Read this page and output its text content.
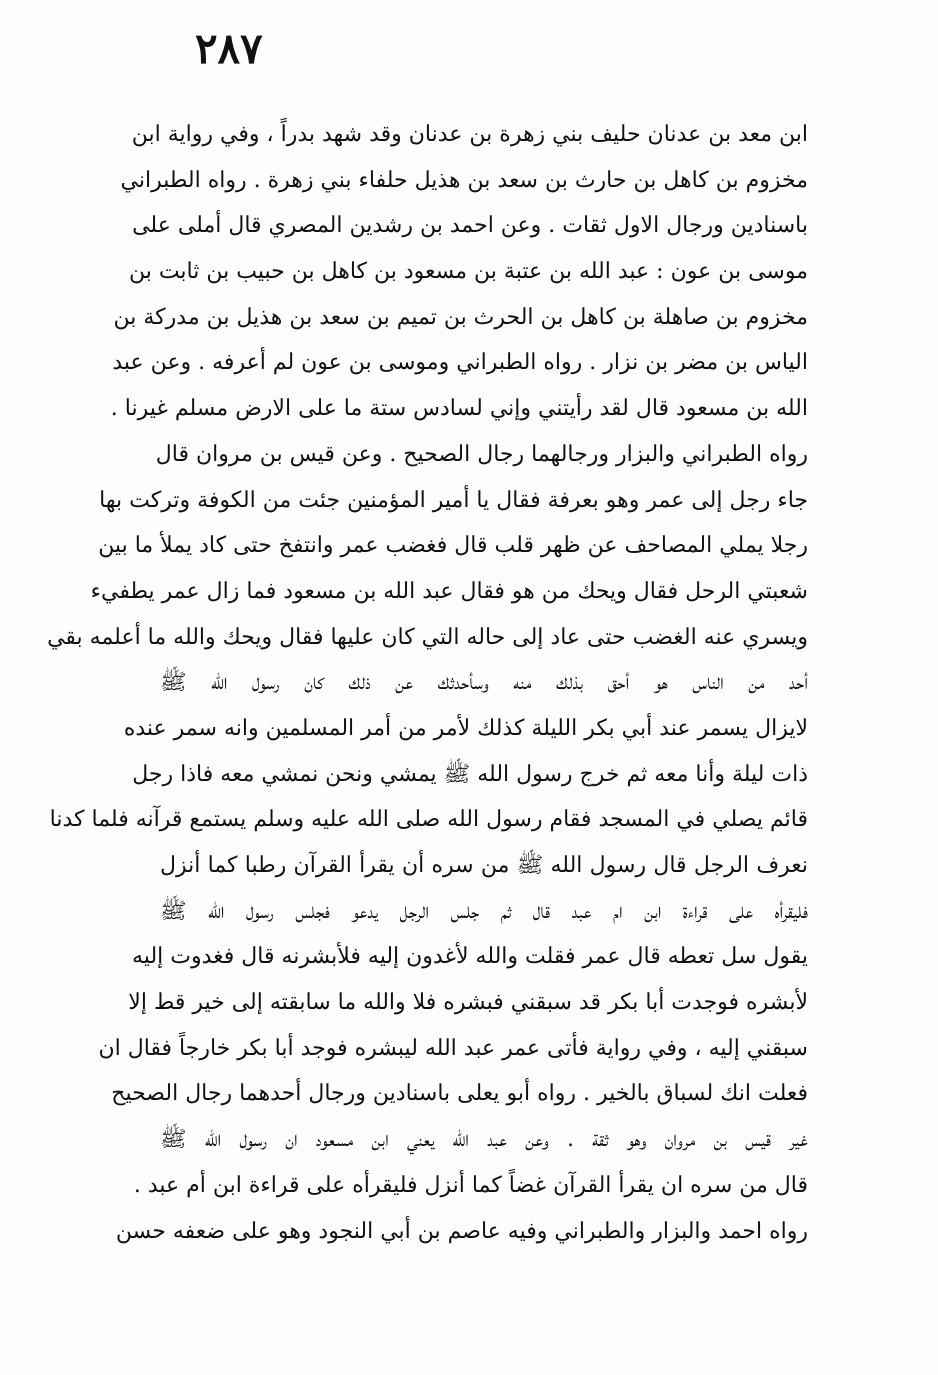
٢٨٧
ابن معد بن عدنان حليف بني زهرة بن عدنان وقد شهد بدراً ، وفي رواية ابن
مخزوم بن كاهل بن حارث بن سعد بن هذيل حلفاء بني زهرة . رواه الطبراني
باسنادين ورجال الاول ثقات . وعن احمد بن رشدين المصري قال أملى على
موسى بن عون : عبد الله بن عتبة بن مسعود بن كاهل بن حبيب بن ثابت بن
مخزوم بن صاهلة بن كاهل بن الحرث بن تميم بن سعد بن هذيل بن مدركة بن
الياس بن مضر بن نزار . رواه الطبراني وموسى بن عون لم أعرفه . وعن عبد
الله بن مسعود قال لقد رأيتني وإني لسادس ستة ما على الارض مسلم غيرنا .
رواه الطبراني والبزار ورجالهما رجال الصحيح . وعن قيس بن مروان قال
جاء رجل إلى عمر وهو بعرفة فقال يا أمير المؤمنين جئت من الكوفة وتركت بها
رجلا يملي المصاحف عن ظهر قلب قال فغضب عمر وانتفخ حتى كاد يملأ ما بين
شعبتي الرحل فقال ويحك من هو فقال عبد الله بن مسعود فما زال عمر يطفيء
ويسري عنه الغضب حتى عاد إلى حاله التي كان عليها فقال ويحك والله ما أعلمه بقي
أحد من الناس هو أحق بذلك منه وسأحدثك عن ذلك كان رسول الله ﷺ
لايزال يسمر عند أبي بكر الليلة كذلك لأمر من أمر المسلمين وانه سمر عنده
ذات ليلة وأنا معه ثم خرج رسول الله ﷺ يمشي ونحن نمشي معه فاذا رجل
قائم يصلي في المسجد فقام رسول الله صلى الله عليه وسلم يستمع قرآنه فلما كدنا
نعرف الرجل قال رسول الله ﷺ من سره أن يقرأ القرآن رطبا كما أنزل
فليقرأه على قراءة ابن ام عبد قال ثم جلس الرجل يدعو فجلس رسول الله ﷺ
يقول سل تعطه قال عمر فقلت والله لأغدون إليه فلأبشرنه قال فغدوت إليه
لأبشره فوجدت أبا بكر قد سبقني فبشره فلا والله ما سابقته إلى خير قط إلا
سبقني إليه ، وفي رواية فأتى عمر عبد الله ليبشره فوجد أبا بكر خارجاً فقال ان
فعلت انك لسباق بالخير . رواه أبو يعلى باسنادين ورجال أحدهما رجال الصحيح
غير قيس بن مروان وهو ثقة . وعن عبد الله يعني ابن مسعود ان رسول الله ﷺ
قال من سره ان يقرأ القرآن غضاً كما أنزل فليقرأه على قراءة ابن أم عبد .
رواه احمد والبزار والطبراني وفيه عاصم بن أبي النجود وهو على ضعفه حسن
